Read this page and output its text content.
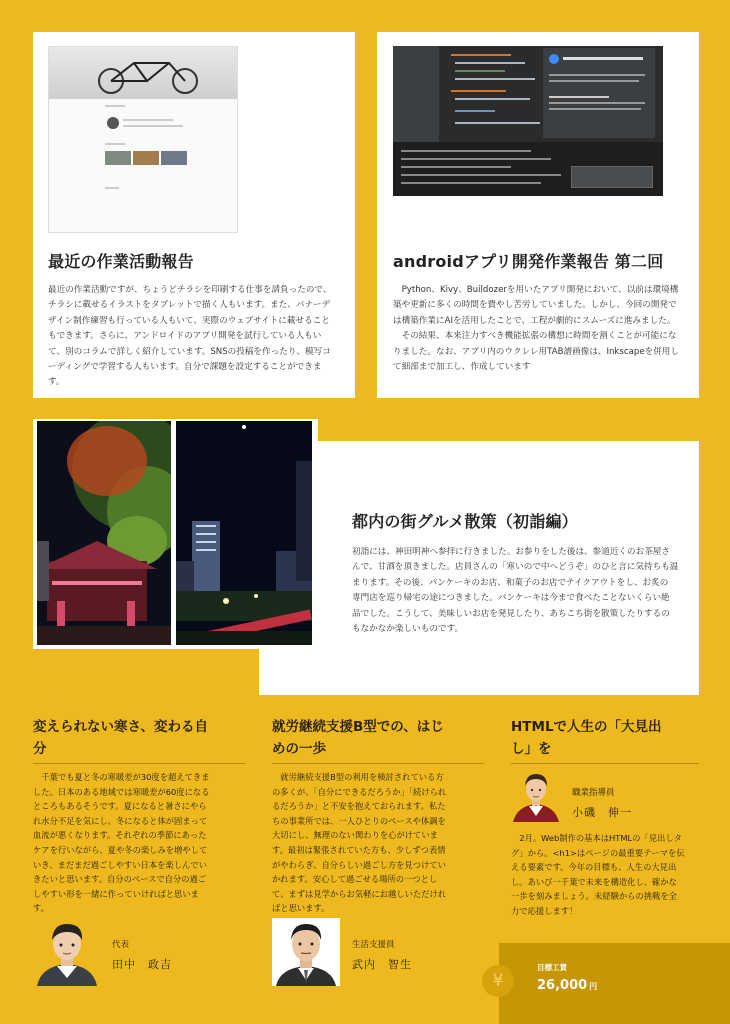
最近の作業活動報告
最近の作業活動ですが、ちょうどチラシを印刷する仕事を請負ったので、
チラシに載せるイラストをタブレットで描く人もいます。また、バナーデ
ザイン制作練習も行っている人もいて、実際のウェブサイトに載せること
もできます。さらに、アンドロイドのアプリ開発を試行している人もい
て、別のコラムで詳しく紹介しています。SNSの投稿を作ったり、模写コ
ーディングで学習する人もいます。自分で課題を設定することができま
す。
androidアプリ開発作業報告 第二回
　Python、Kivy、Buildozerを用いたアプリ開発において、以前は環境構
築や更新に多くの時間を費やし苦労していました。しかし、今回の開発で
は構築作業にAIを活用したことで、工程が劇的にスムーズに進みました。
　その結果、本来注力すべき機能拡張の構想に時間を割くことが可能にな
りました。なお、アプリ内のウクレレ用TAB譜画像は、Inkscapeを併用し
て細部まで加工し、作成しています
都内の街グルメ散策（初詣編）
初詣には、神田明神へ参拝に行きました。お参りをした後は、参道近くのお茶屋さ
んで、甘酒を頂きました。店員さんの「寒いので中へどうぞ」のひと言に気持ちも温
まります。その後、パンケーキのお店、和菓子のお店でテイクアウトをし、お炙の
専門店を巡り帰宅の途につきました。パンケーキは今まで食べたことないくらい絶
品でした。こうして、美味しいお店を発見したり、あちこち街を散策したりするの
もなかなか楽しいものです。
変えられない寒さ、変わる自
分
　千葉でも夏と冬の寒暖差が30度を超えてきま
した。日本のある地域では寒暖差が60度になる
ところもあるそうです。夏になると暑さにやら
れ水分不足を気にし、冬になると体が固まって
血流が悪くなります。それぞれの季節にあった
ケアを行いながら、夏や冬の楽しみを増やして
いき、まだまだ過ごしやすい日本を楽しんでい
きたいと思います。自分のペースで自分の過ご
しやすい形を一緒に作っていければと思いま
す。
代表
田中　政吉
就労継続支援B型での、はじ
めの一歩
　就労継続支援B型の利用を検討されている方
の多くが、「自分にできるだろうか」「続けられ
るだろうか」と不安を抱えておられます。私た
ちの事業所では、一人ひとりのペースや体調を
大切にし、無理のない関わりを心がけていま
す。最初は緊張されていた方も、少しずつ表情
がやわらぎ、自分らしい過ごし方を見つけてい
かれます。安心して過ごせる場所の一つとし
て、まずは見学からお気軽にお越しいただけれ
ばと思います。
生活支援員
武内　智生
HTMLで人生の「大見出
し」を
職業指導員
小磯　伸一
　2月。Web制作の基本はHTMLの「見出しタ
グ」から。<h1>はページの最重要テーマを伝
える要素です。今年の目標も、人生の大見出
し。あいび一千葉で未来を構造化し、確かな
一歩を刻みましょう。未経験からの挑戦を全
力で応援します！
¥
目標工賃
26,000 円
